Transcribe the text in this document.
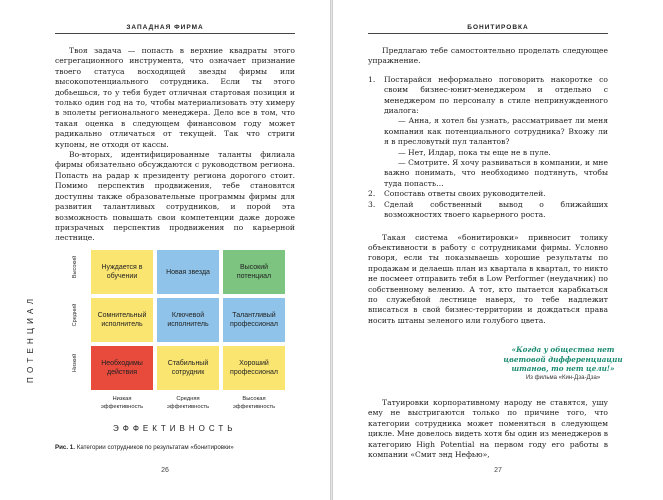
ЗАПАДНАЯ ФИРМА

Твоя задача — попасть в верхние квадраты этого сегрегационного инструмента, что означает признание твоего статуса восходящей звезды фирмы или высокопотенциального сотрудника. Если ты этого добьешься, то у тебя будет отличная стартовая позиция и только один год на то, чтобы материализовать эту химеру в эполеты регионального менеджера. Дело все в том, что такая оценка в следующем финансовом году может радикально отличаться от текущей. Так что стриги купоны, не отходя от кассы.

Во-вторых, идентифицированные таланты филиала фирмы обязательно обсуждаются с руководством региона. Попасть на радар к президенту региона дорогого стоит. Помимо перспектив продвижения, тебе становятся доступны также образовательные программы фирмы для развития талантливых сотрудников, и порой эта возможность повышать свои компетенции даже дороже призрачных перспектив продвижения по карьерной лестнице.

ПОТЕНЦИАЛ
Высокий
Средний
Низкий
Нуждается в обучении
Новая звезда
Высокий потенциал
Сомнительный исполнитель
Ключевой исполнитель
Талантливый профессионал
Необходимы действия
Стабильный сотрудник
Хороший профессионал
Низкая эффективность
Средняя эффективность
Высокая эффективность
ЭФФЕКТИВНОСТЬ
Рис. 1. Категории сотрудников по результатам «бонитировки»
26
БОНИТИРОВКА

Предлагаю тебе самостоятельно проделать следующее упражнение.

1. Постарайся неформально поговорить накоротке со своим бизнес-юнит-менеджером и отдельно с менеджером по персоналу в стиле непринужденного диалога:
— Анна, я хотел бы узнать, рассматривает ли меня компания как потенциального сотрудника? Вхожу ли я в пресловутый пул талантов?
— Нет, Илдар, пока ты еще не в пуле.
— Смотрите. Я хочу развиваться в компании, и мне важно понимать, что необходимо подтянуть, чтобы туда попасть…
2. Сопоставь ответы своих руководителей.
3. Сделай собственный вывод о ближайших возможностях твоего карьерного роста.

Такая система «бонитировки» привносит толику объективности в работу с сотрудниками фирмы. Условно говоря, если ты показываешь хорошие результаты по продажам и делаешь план из квартала в квартал, то никто не посмеет отправить тебя в Low Performer (неудачник) по собственному велению. А тот, кто пытается карабкаться по служебной лестнице наверх, то тебе надлежит вписаться в свой бизнес-территории и дождаться права носить штаны зеленого или голубого цвета.

«Когда у общества нет цветовой дифференциации штанов, то нет цели!»
Из фильма «Кин-Дза-Дза»

Татуировки корпоративному народу не ставятся, ушу ему не выстригаются только по причине того, что категории сотрудника может поменяться в следующем цикле. Мне довелось видеть хотя бы один из менеджеров в категорию High Potential на первом году его работы в компании «Смит энд Нефью»,

27
